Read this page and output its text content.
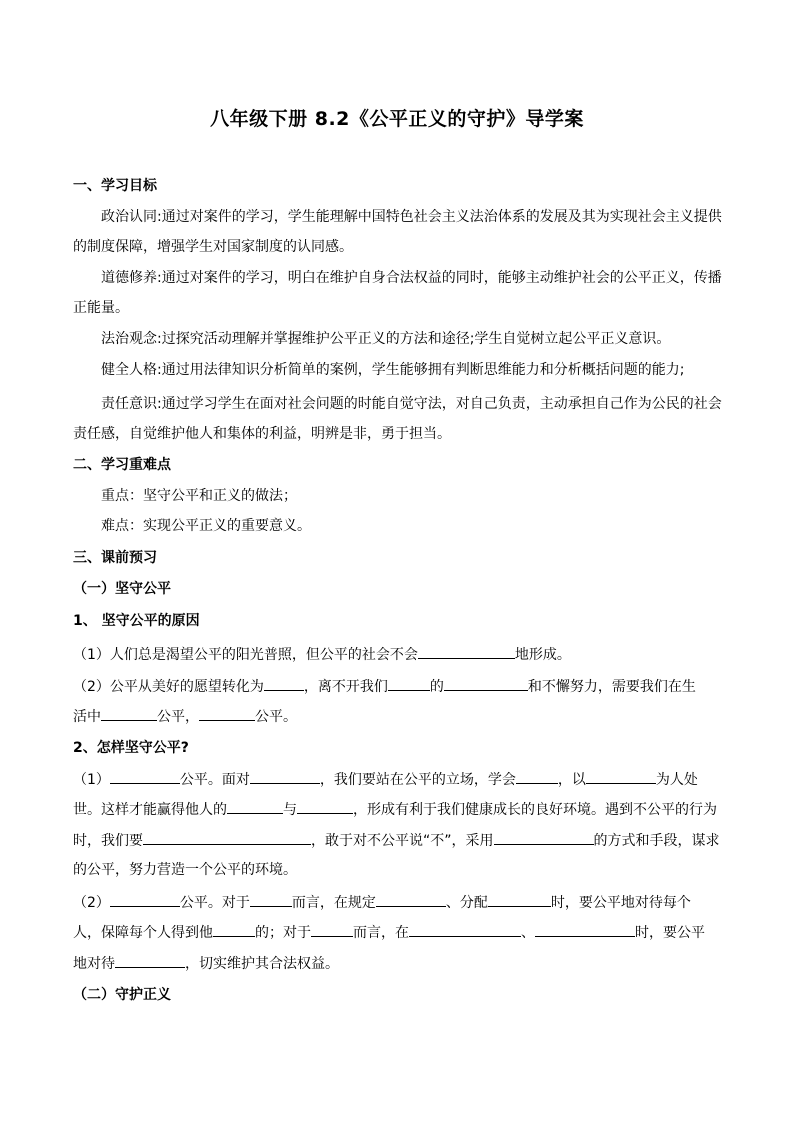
八年级下册 8.2《公平正义的守护》导学案
一、学习目标
政治认同:通过对案件的学习，学生能理解中国特色社会主义法治体系的发展及其为实现社会主义提供
的制度保障，增强学生对国家制度的认同感。
道德修养:通过对案件的学习，明白在维护自身合法权益的同时，能够主动维护社会的公平正义，传播
正能量。
法治观念:过探究活动理解并掌握维护公平正义的方法和途径;学生自觉树立起公平正义意识。
健全人格:通过用法律知识分析简单的案例，学生能够拥有判断思维能力和分析概括问题的能力;
责任意识:通过学习学生在面对社会问题的时能自觉守法，对自己负责，主动承担自己作为公民的社会
责任感，自觉维护他人和集体的利益，明辨是非，勇于担当。
二、学习重难点
重点：坚守公平和正义的做法；
难点：实现公平正义的重要意义。
三、课前预习
（一）坚守公平
1、 坚守公平的原因
（1）人们总是渴望公平的阳光普照，但公平的社会不会	地形成。
（2）公平从美好的愿望转化为	，离不开我们	的	和不懈努力，需要我们在生
活中	公平，	公平。
2、怎样坚守公平?
（1）	公平。面对	，我们要站在公平的立场，学会	，以	为人处
世。这样才能赢得他人的	与	，形成有利于我们健康成长的良好环境。遇到不公平的行为
时，我们要	，敢于对不公平说“不”，采用	的方式和手段，谋求
的公平，努力营造一个公平的环境。
（2）	公平。对于	而言，在规定	、分配	时，要公平地对待每个
人，保障每个人得到他	的；对于	而言，在	、	时，要公平
地对待	，切实维护其合法权益。
（二）守护正义
